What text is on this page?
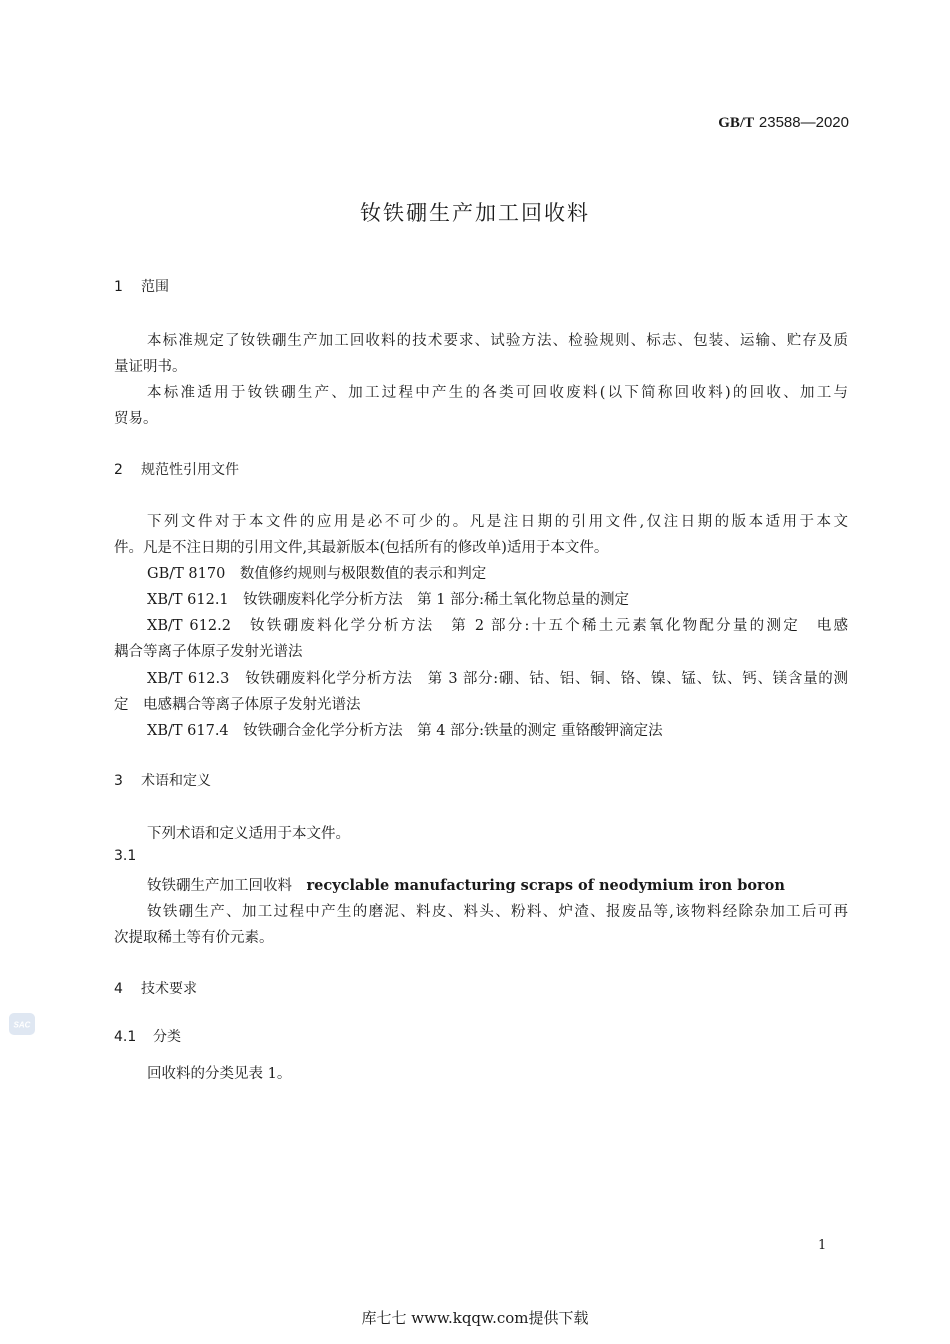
GB/T 23588—2020
钕铁硼生产加工回收料
1 范围
本标准规定了钕铁硼生产加工回收料的技术要求、试验方法、检验规则、标志、包装、运输、贮存及质
量证明书。
本标准适用于钕铁硼生产、加工过程中产生的各类可回收废料(以下简称回收料)的回收、加工与
贸易。
2 规范性引用文件
下列文件对于本文件的应用是必不可少的。凡是注日期的引用文件,仅注日期的版本适用于本文
件。凡是不注日期的引用文件,其最新版本(包括所有的修改单)适用于本文件。
GB/T 8170　 数值修约规则与极限数值的表示和判定
XB/T 612.1　 钕铁硼废料化学分析方法　第 1 部分:稀土氧化物总量的测定
XB/T 612.2　 钕铁硼废料化学分析方法　第 2 部分:十五个稀土元素氧化物配分量的测定　电感
耦合等离子体原子发射光谱法
XB/T 612.3　 钕铁硼废料化学分析方法　第 3 部分:硼、钴、铝、铜、铬、镍、锰、钛、钙、镁含量的测
定　电感耦合等离子体原子发射光谱法
XB/T 617.4　 钕铁硼合金化学分析方法　第 4 部分:铁量的测定 重铬酸钾滴定法
3 术语和定义
下列术语和定义适用于本文件。
3.1
钕铁硼生产加工回收料　 recyclable manufacturing scraps of neodymium iron boron
钕铁硼生产、加工过程中产生的磨泥、料皮、料头、粉料、炉渣、报废品等,该物料经除杂加工后可再
次提取稀土等有价元素。
4 技术要求
4.1 分类
回收料的分类见表 1。
SAC
1
库七七 www.kqqw.com提供下载
